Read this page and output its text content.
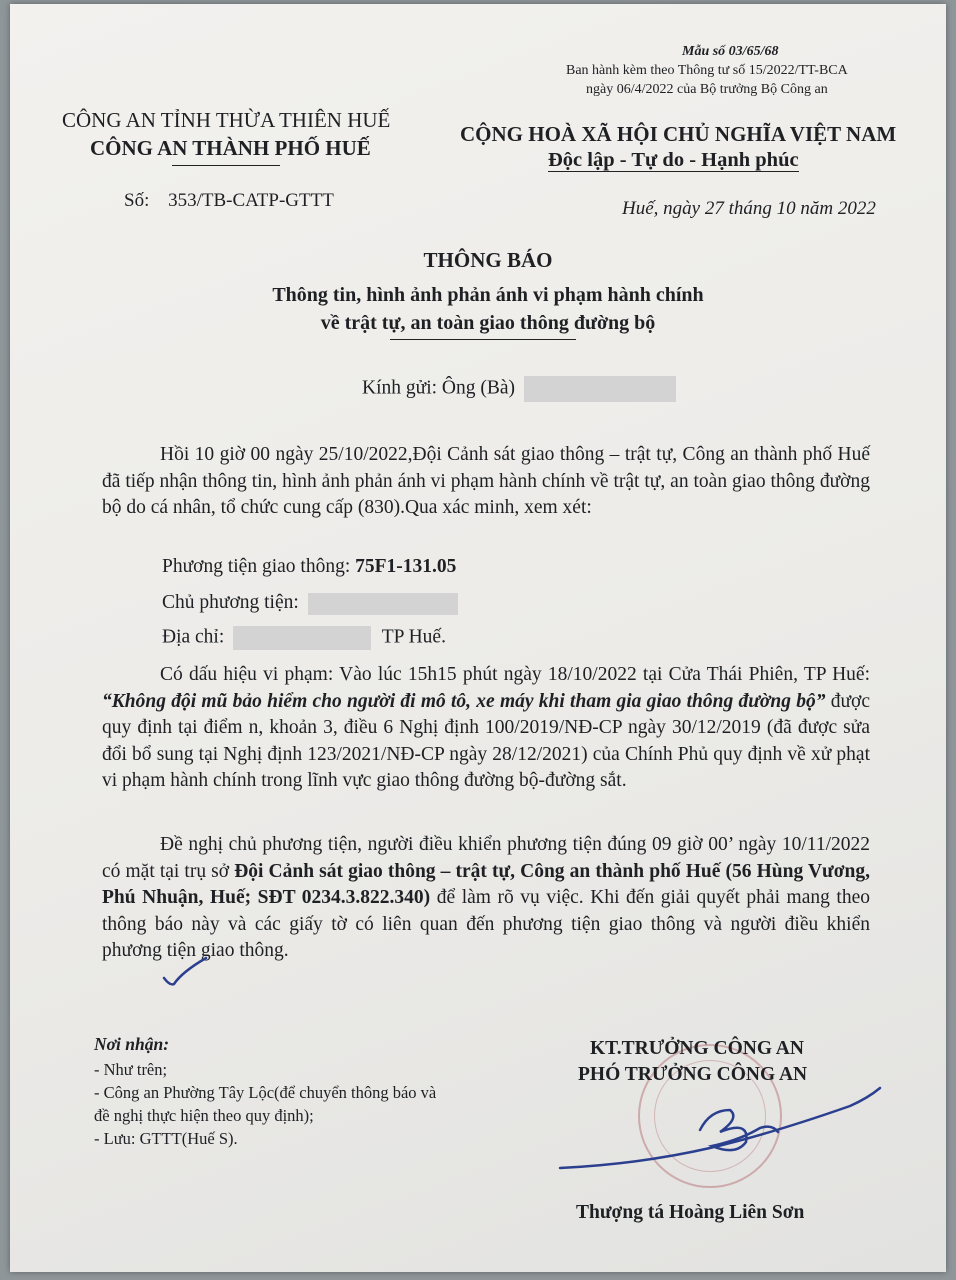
Mẫu số 03/65/68
Ban hành kèm theo Thông tư số 15/2022/TT-BCA
ngày 06/4/2022 của Bộ trưởng Bộ Công an
CÔNG AN TỈNH THỪA THIÊN HUẾ
CÔNG AN THÀNH PHỐ HUẾ
Số: 353/TB-CATP-GTTT
CỘNG HOÀ XÃ HỘI CHỦ NGHĨA VIỆT NAM
Độc lập - Tự do - Hạnh phúc
Huế, ngày 27 tháng 10 năm 2022
THÔNG BÁO
Thông tin, hình ảnh phản ánh vi phạm hành chính
về trật tự, an toàn giao thông đường bộ
Kính gửi: Ông (Bà)
Hồi 10 giờ 00 ngày 25/10/2022,Đội Cảnh sát giao thông – trật tự, Công an thành phố Huế đã tiếp nhận thông tin, hình ảnh phản ánh vi phạm hành chính về trật tự, an toàn giao thông đường bộ do cá nhân, tổ chức cung cấp (830).Qua xác minh, xem xét:
Phương tiện giao thông: 75F1-131.05
Chủ phương tiện:
Địa chỉ:	TP Huế.
Có dấu hiệu vi phạm: Vào lúc 15h15 phút ngày 18/10/2022 tại Cửa Thái Phiên, TP Huế: “Không đội mũ bảo hiểm cho người đi mô tô, xe máy khi tham gia giao thông đường bộ” được quy định tại điểm n, khoản 3, điều 6 Nghị định 100/2019/NĐ-CP ngày 30/12/2019 (đã được sửa đổi bổ sung tại Nghị định 123/2021/NĐ-CP ngày 28/12/2021) của Chính Phủ quy định về xử phạt vi phạm hành chính trong lĩnh vực giao thông đường bộ-đường sắt.
Đề nghị chủ phương tiện, người điều khiển phương tiện đúng 09 giờ 00’ ngày 10/11/2022 có mặt tại trụ sở Đội Cảnh sát giao thông – trật tự, Công an thành phố Huế (56 Hùng Vương, Phú Nhuận, Huế; SĐT 0234.3.822.340) để làm rõ vụ việc. Khi đến giải quyết phải mang theo thông báo này và các giấy tờ có liên quan đến phương tiện giao thông và người điều khiển phương tiện giao thông.
Nơi nhận:
- Như trên;
- Công an Phường Tây Lộc(để chuyển thông báo và
đề nghị thực hiện theo quy định);
- Lưu: GTTT(Huế S).
KT.TRƯỞNG CÔNG AN
PHÓ TRƯỞNG CÔNG AN
Thượng tá Hoàng Liên Sơn
